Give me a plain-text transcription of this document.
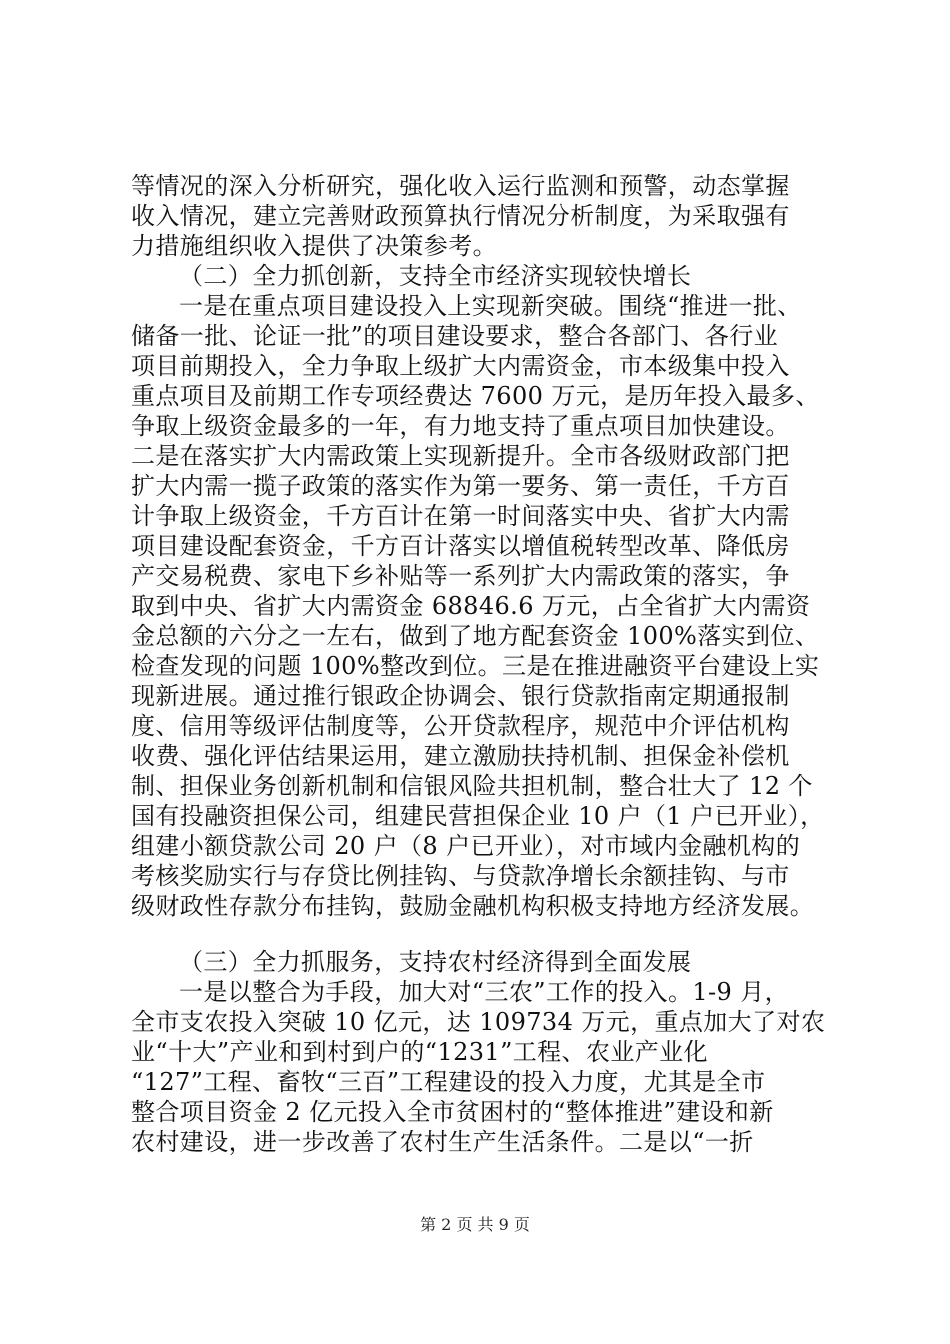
等情况的深入分析研究，强化收入运行监测和预警，动态掌握
收入情况，建立完善财政预算执行情况分析制度，为采取强有
力措施组织收入提供了决策参考。
（二）全力抓创新，支持全市经济实现较快增长
一是在重点项目建设投入上实现新突破。围绕“推进一批、
储备一批、论证一批”的项目建设要求，整合各部门、各行业
项目前期投入，全力争取上级扩大内需资金，市本级集中投入
重点项目及前期工作专项经费达 7600 万元，是历年投入最多、
争取上级资金最多的一年，有力地支持了重点项目加快建设。
二是在落实扩大内需政策上实现新提升。全市各级财政部门把
扩大内需一揽子政策的落实作为第一要务、第一责任，千方百
计争取上级资金，千方百计在第一时间落实中央、省扩大内需
项目建设配套资金，千方百计落实以增值税转型改革、降低房
产交易税费、家电下乡补贴等一系列扩大内需政策的落实，争
取到中央、省扩大内需资金 68846.6 万元，占全省扩大内需资
金总额的六分之一左右，做到了地方配套资金 100%落实到位、
检查发现的问题 100%整改到位。三是在推进融资平台建设上实
现新进展。通过推行银政企协调会、银行贷款指南定期通报制
度、信用等级评估制度等，公开贷款程序，规范中介评估机构
收费、强化评估结果运用，建立激励扶持机制、担保金补偿机
制、担保业务创新机制和信银风险共担机制，整合壮大了 12 个
国有投融资担保公司，组建民营担保企业 10 户（1 户已开业），
组建小额贷款公司 20 户（8 户已开业），对市域内金融机构的
考核奖励实行与存贷比例挂钩、与贷款净增长余额挂钩、与市
级财政性存款分布挂钩，鼓励金融机构积极支持地方经济发展。
（三）全力抓服务，支持农村经济得到全面发展
一是以整合为手段，加大对“三农”工作的投入。1-9 月，
全市支农投入突破 10 亿元，达 109734 万元，重点加大了对农
业“十大”产业和到村到户的“1231”工程、农业产业化
“127”工程、畜牧“三百”工程建设的投入力度，尤其是全市
整合项目资金 2 亿元投入全市贫困村的“整体推进”建设和新
农村建设，进一步改善了农村生产生活条件。二是以“一折
第 2 页 共 9 页
